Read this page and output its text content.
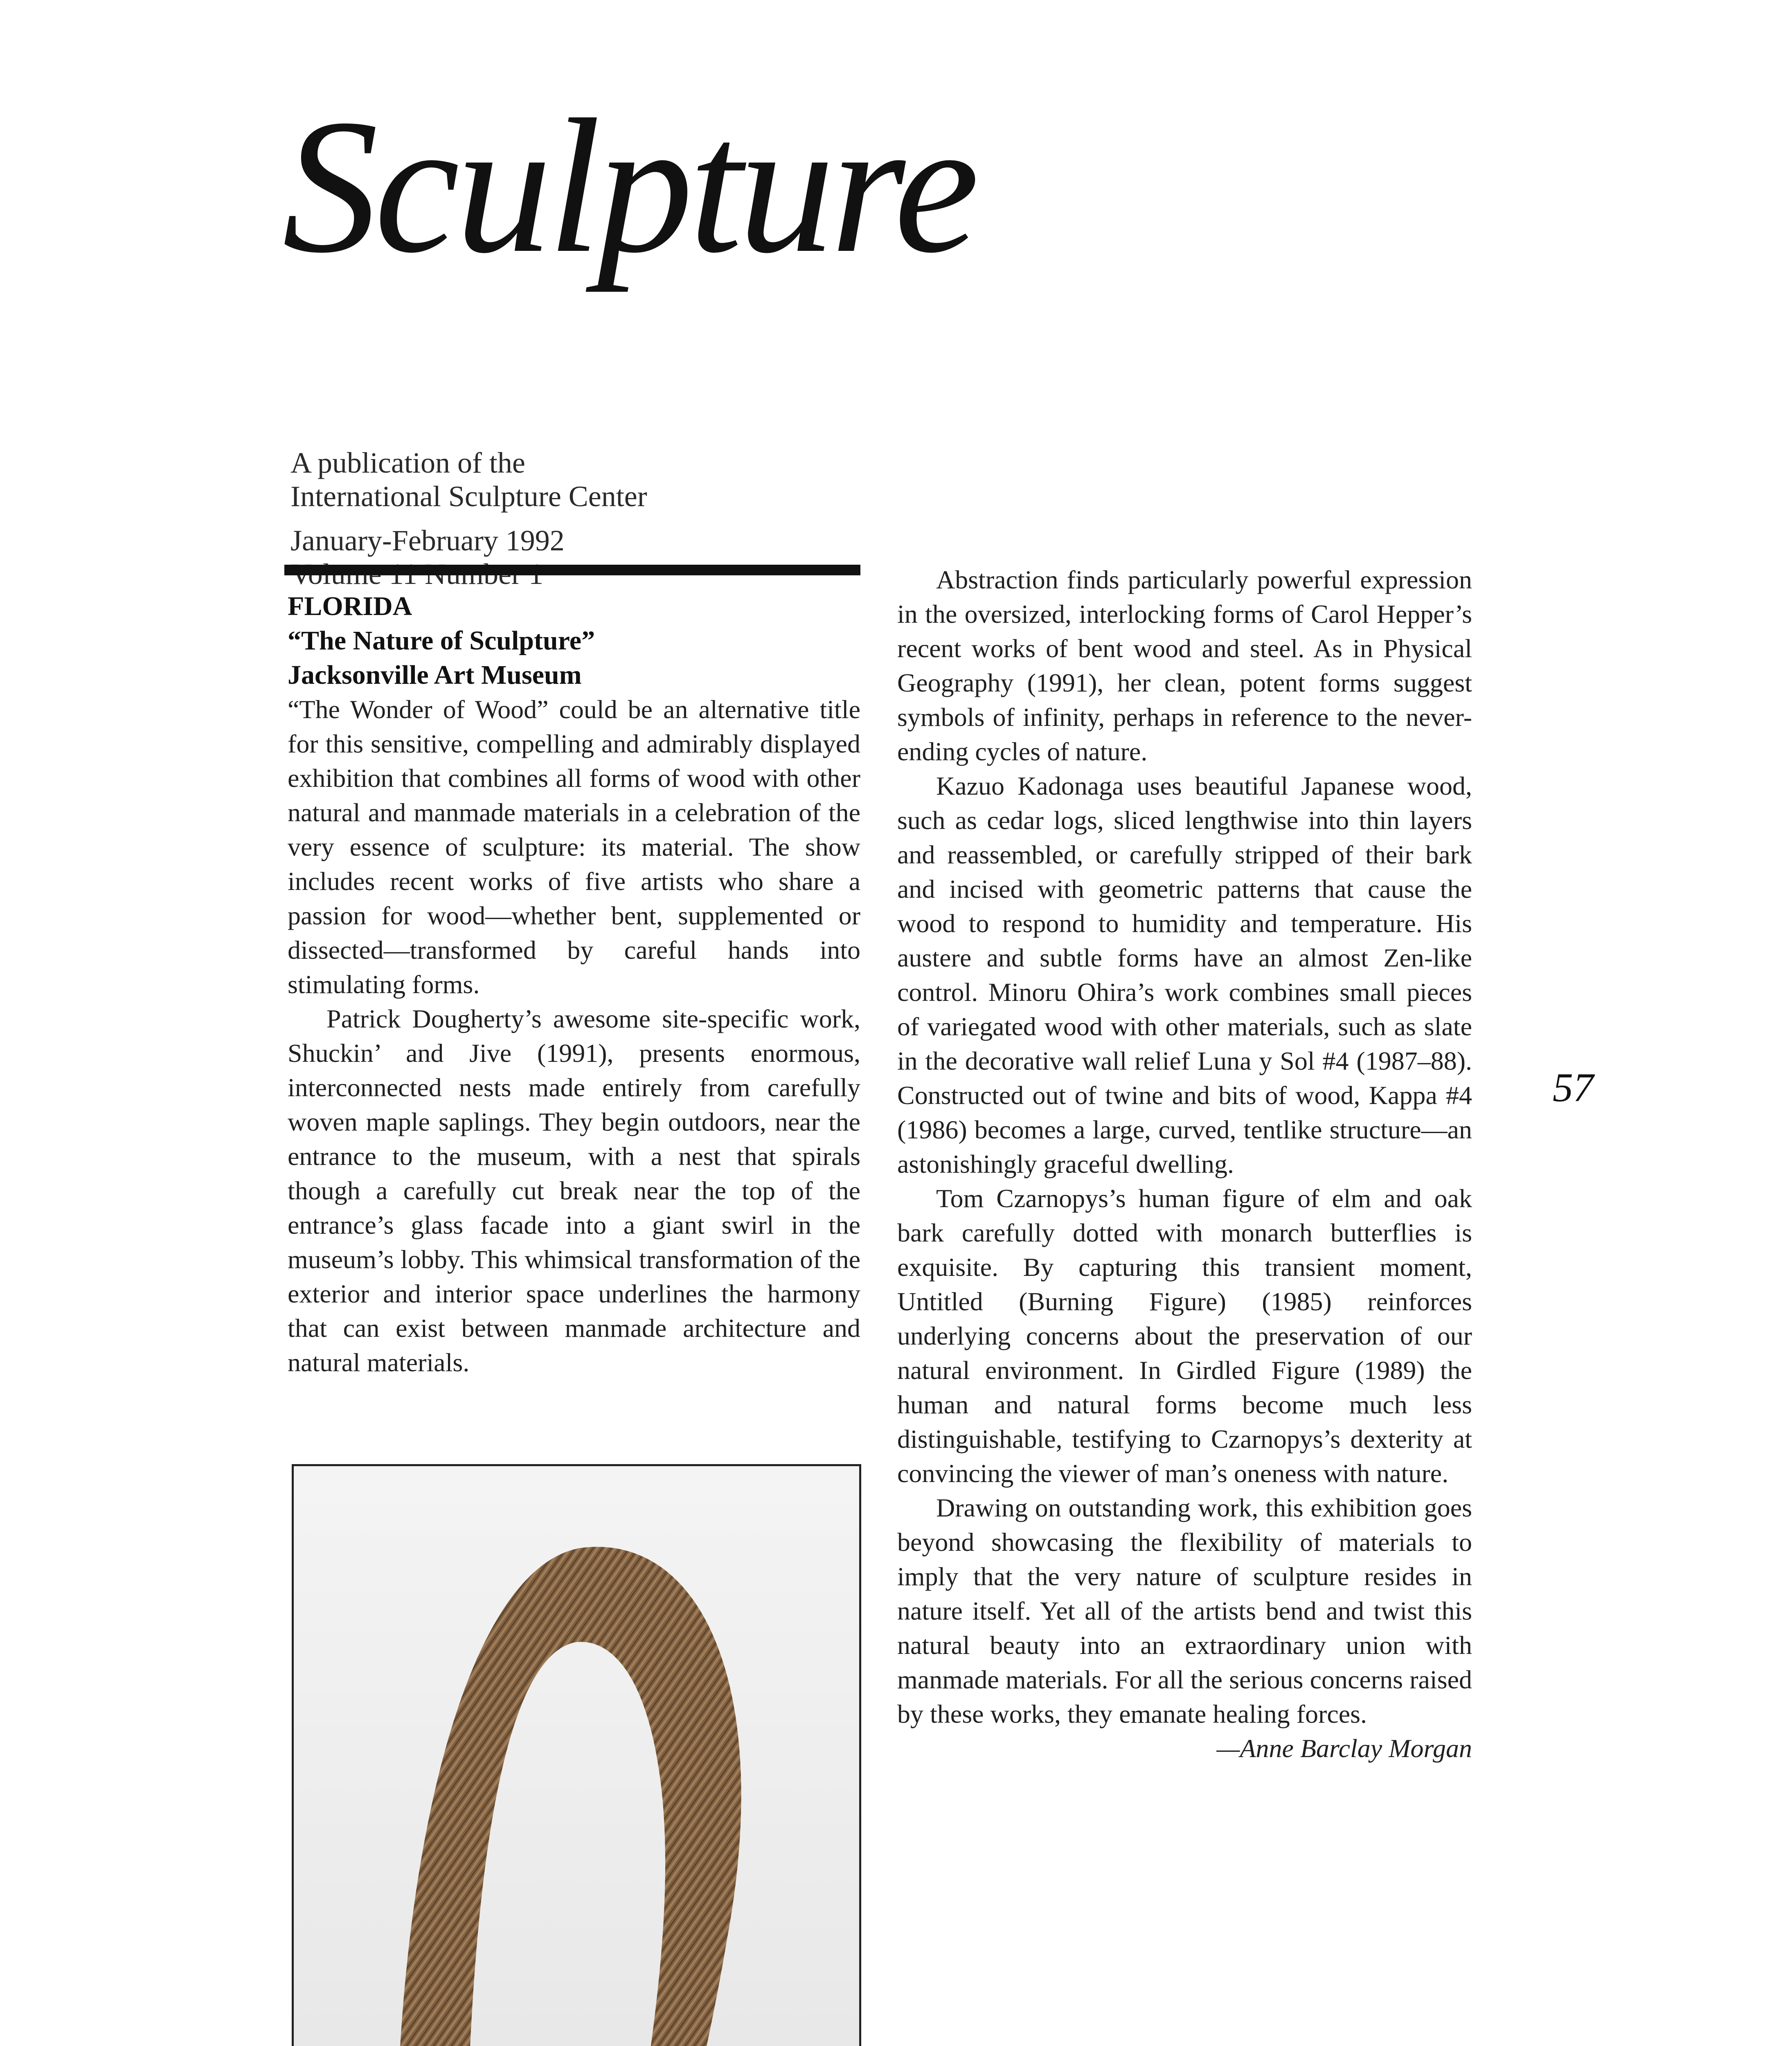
Sculpture
A publication of the
International Sculpture Center
January-February 1992

FLORIDA

“The Nature of Sculpture”

Jacksonville Art Museum

“The Wonder of Wood” could be an alternative title for this sensitive, compelling and admirably displayed exhibition that combines all forms of wood with other natural and manmade materials in a celebration of the very essence of sculpture: its material. The show includes recent works of five artists who share a passion for wood—whether bent, supplemented or dissected—transformed by careful hands into stimulating forms.

Patrick Dougherty’s awesome site-specific work, Shuckin’ and Jive (1991), presents enormous, interconnected nests made entirely from carefully woven maple saplings. They begin outdoors, near the entrance to the museum, with a nest that spirals though a carefully cut break near the top of the entrance’s glass facade into a giant swirl in the museum’s lobby. This whimsical transformation of the exterior and interior space underlines the harmony that can exist between manmade architecture and natural materials.

Abstraction finds particularly powerful expression in the oversized, interlocking forms of Carol Hepper’s recent works of bent wood and steel. As in Physical Geography (1991), her clean, potent forms suggest symbols of infinity, perhaps in reference to the never-ending cycles of nature.

Kazuo Kadonaga uses beautiful Japanese wood, such as cedar logs, sliced lengthwise into thin layers and reassembled, or carefully stripped of their bark and incised with geometric patterns that cause the wood to respond to humidity and temperature. His austere and subtle forms have an almost Zen-like control. Minoru Ohira’s work combines small pieces of variegated wood with other materials, such as slate in the decorative wall relief Luna y Sol #4 (1987–88). Constructed out of twine and bits of wood, Kappa #4 (1986) becomes a large, curved, tentlike structure—an astonishingly graceful dwelling.

Tom Czarnopys’s human figure of elm and oak bark carefully dotted with monarch butterflies is exquisite. By capturing this transient moment, Untitled (Burning Figure) (1985) reinforces underlying concerns about the preservation of our natural environment. In Girdled Figure (1989) the human and natural forms become much less distinguishable, testifying to Czarnopys’s dexterity at convincing the viewer of man’s oneness with nature.

Drawing on outstanding work, this exhibition goes beyond showcasing the flexibility of materials to imply that the very nature of sculpture resides in nature itself. Yet all of the artists bend and twist this natural beauty into an extraordinary union with manmade materials. For all the serious concerns raised by these works, they emanate healing forces.

—Anne Barclay Morgan

57
